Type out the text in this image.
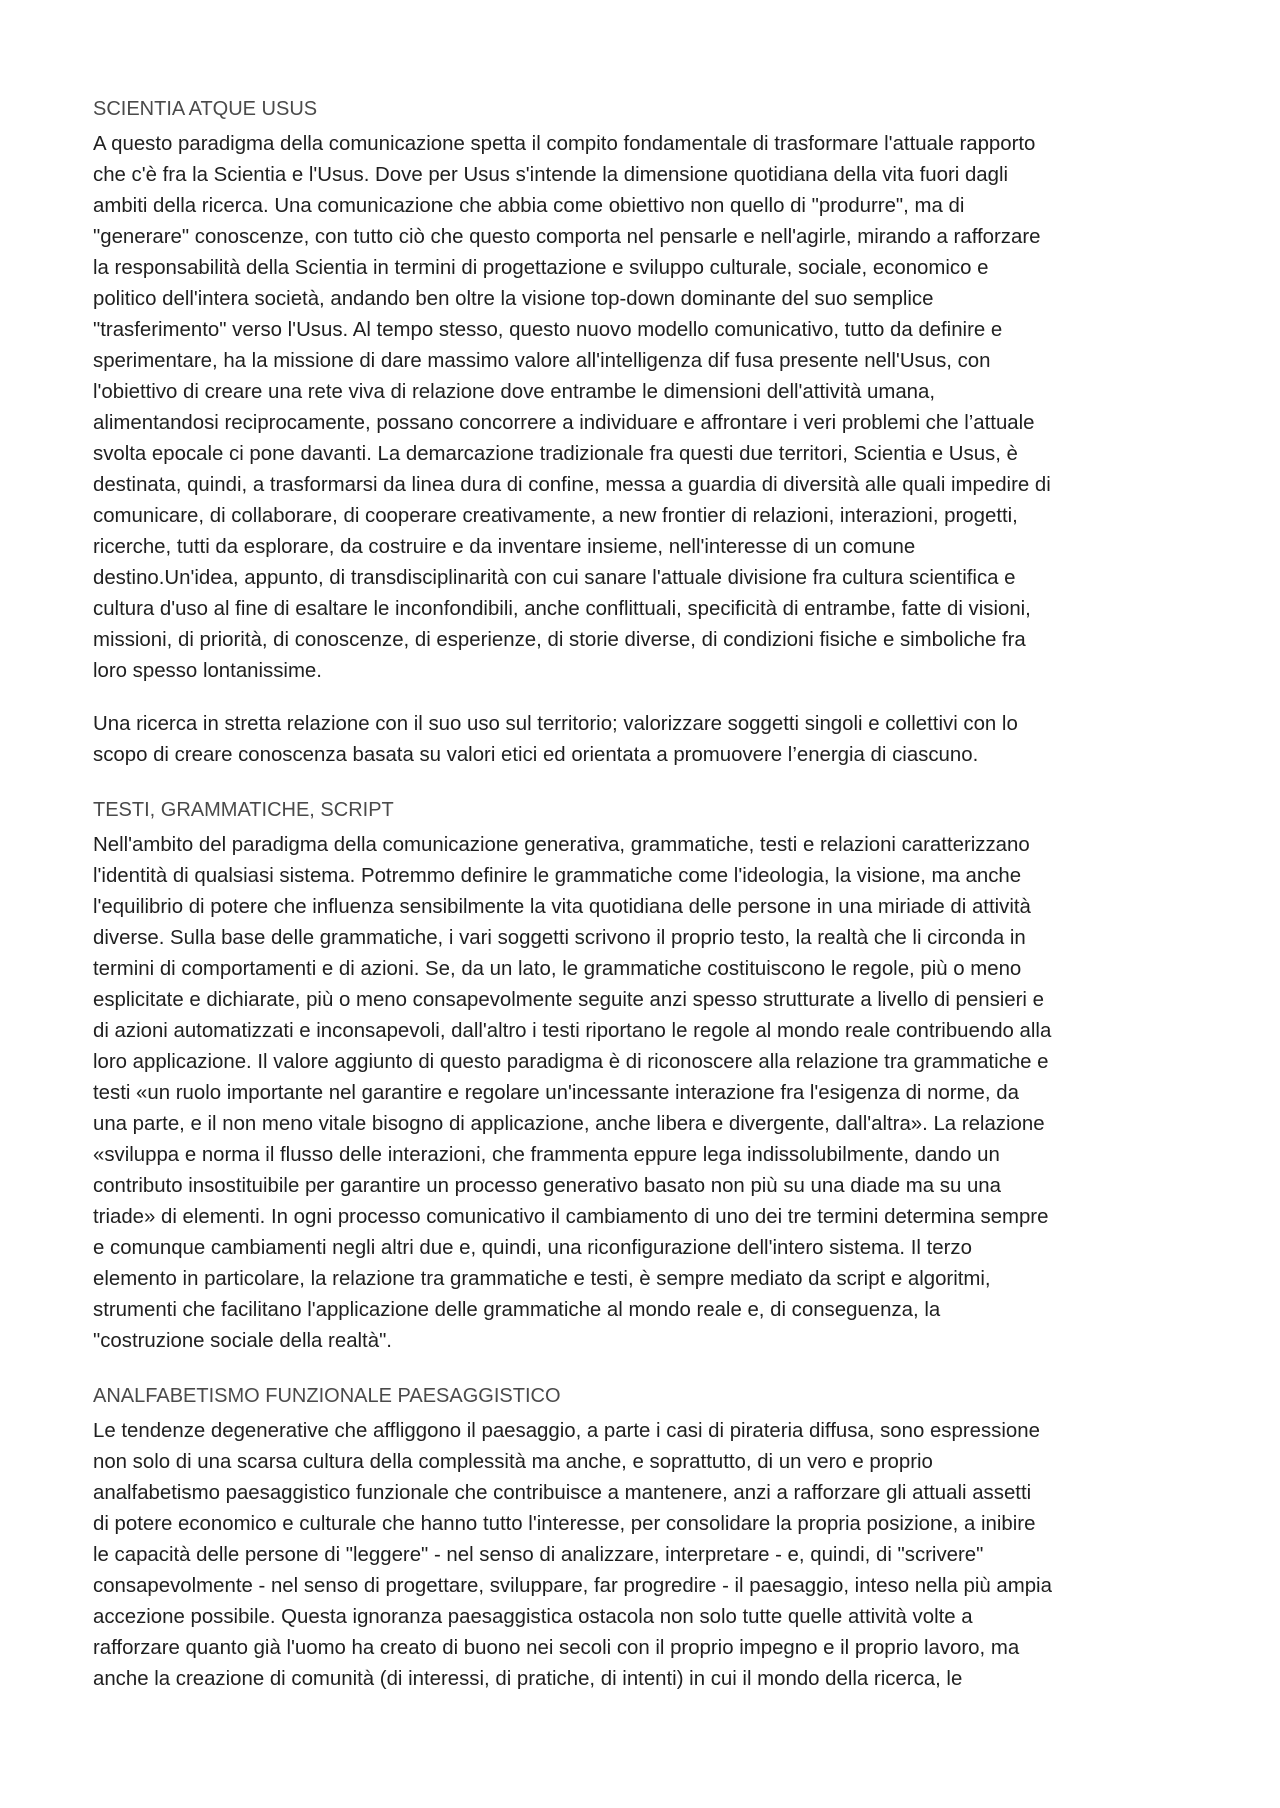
SCIENTIA ATQUE USUS
A questo paradigma della comunicazione spetta il compito fondamentale di trasformare l'attuale rapporto
che c'è fra la Scientia e l'Usus. Dove per Usus s'intende la dimensione quotidiana della vita fuori dagli
ambiti della ricerca. Una comunicazione che abbia come obiettivo non quello di "produrre", ma di
"generare" conoscenze, con tutto ciò che questo comporta nel pensarle e nell'agirle, mirando a rafforzare
la responsabilità della Scientia in termini di progettazione e sviluppo culturale, sociale, economico e
politico dell'intera società, andando ben oltre la visione top-down dominante del suo semplice
"trasferimento" verso l'Usus. Al tempo stesso, questo nuovo modello comunicativo, tutto da definire e
sperimentare, ha la missione di dare massimo valore all'intelligenza dif fusa presente nell'Usus, con
l'obiettivo di creare una rete viva di relazione dove entrambe le dimensioni dell'attività umana,
alimentandosi reciprocamente, possano concorrere a individuare e affrontare i veri problemi che l’attuale
svolta epocale ci pone davanti. La demarcazione tradizionale fra questi due territori, Scientia e Usus, è
destinata, quindi, a trasformarsi da linea dura di confine, messa a guardia di diversità alle quali impedire di
comunicare, di collaborare, di cooperare creativamente, a new frontier di relazioni, interazioni, progetti,
ricerche, tutti da esplorare, da costruire e da inventare insieme, nell'interesse di un comune
destino.Un'idea, appunto, di transdisciplinarità con cui sanare l'attuale divisione fra cultura scientifica e
cultura d'uso al fine di esaltare le inconfondibili, anche conflittuali, specificità di entrambe, fatte di visioni,
missioni, di priorità, di conoscenze, di esperienze, di storie diverse, di condizioni fisiche e simboliche fra
loro spesso lontanissime.
Una ricerca in stretta relazione con il suo uso sul territorio; valorizzare soggetti singoli e collettivi con lo
scopo di creare conoscenza basata su valori etici ed orientata a promuovere l’energia di ciascuno.
TESTI, GRAMMATICHE, SCRIPT
Nell'ambito del paradigma della comunicazione generativa, grammatiche, testi e relazioni caratterizzano
l'identità di qualsiasi sistema. Potremmo definire le grammatiche come l'ideologia, la visione, ma anche
l'equilibrio di potere che influenza sensibilmente la vita quotidiana delle persone in una miriade di attività
diverse. Sulla base delle grammatiche, i vari soggetti scrivono il proprio testo, la realtà che li circonda in
termini di comportamenti e di azioni. Se, da un lato, le grammatiche costituiscono le regole, più o meno
esplicitate e dichiarate, più o meno consapevolmente seguite anzi spesso strutturate a livello di pensieri e
di azioni automatizzati e inconsapevoli, dall'altro i testi riportano le regole al mondo reale contribuendo alla
loro applicazione. Il valore aggiunto di questo paradigma è di riconoscere alla relazione tra grammatiche e
testi «un ruolo importante nel garantire e regolare un'incessante interazione fra l'esigenza di norme, da
una parte, e il non meno vitale bisogno di applicazione, anche libera e divergente, dall'altra». La relazione
«sviluppa e norma il flusso delle interazioni, che frammenta eppure lega indissolubilmente, dando un
contributo insostituibile per garantire un processo generativo basato non più su una diade ma su una
triade» di elementi. In ogni processo comunicativo il cambiamento di uno dei tre termini determina sempre
e comunque cambiamenti negli altri due e, quindi, una riconfigurazione dell'intero sistema. Il terzo
elemento in particolare, la relazione tra grammatiche e testi, è sempre mediato da script e algoritmi,
strumenti che facilitano l'applicazione delle grammatiche al mondo reale e, di conseguenza, la
"costruzione sociale della realtà".
ANALFABETISMO FUNZIONALE PAESAGGISTICO
Le tendenze degenerative che affliggono il paesaggio, a parte i casi di pirateria diffusa, sono espressione
non solo di una scarsa cultura della complessità ma anche, e soprattutto, di un vero e proprio
analfabetismo paesaggistico funzionale che contribuisce a mantenere, anzi a rafforzare gli attuali assetti
di potere economico e culturale che hanno tutto l'interesse, per consolidare la propria posizione, a inibire
le capacità delle persone di "leggere" - nel senso di analizzare, interpretare - e, quindi, di "scrivere"
consapevolmente - nel senso di progettare, sviluppare, far progredire - il paesaggio, inteso nella più ampia
accezione possibile. Questa ignoranza paesaggistica ostacola non solo tutte quelle attività volte a
rafforzare quanto già l'uomo ha creato di buono nei secoli con il proprio impegno e il proprio lavoro, ma
anche la creazione di comunità (di interessi, di pratiche, di intenti) in cui il mondo della ricerca, le
